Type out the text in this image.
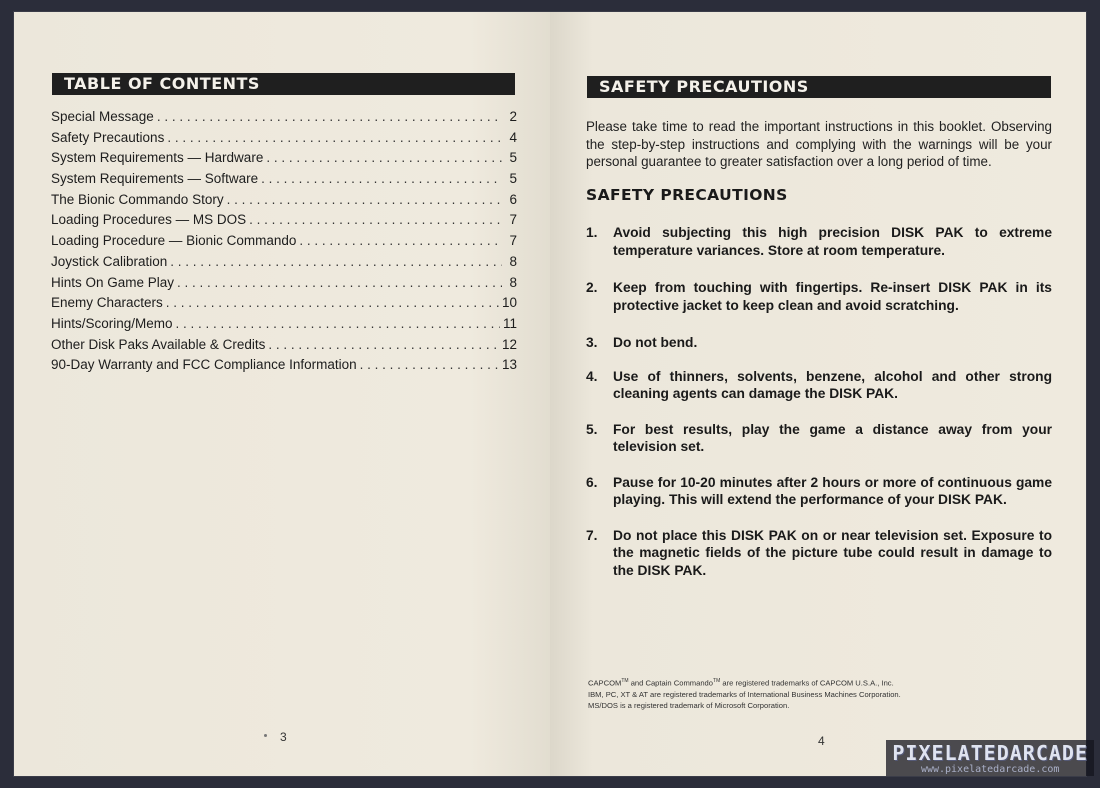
TABLE OF CONTENTS
Special Message . . .	2
Safety Precautions . . .	4
System Requirements — Hardware . . .	5
System Requirements — Software . . .	5
The Bionic Commando Story . . .	6
Loading Procedures — MS DOS . . .	7
Loading Procedure — Bionic Commando . . .	7
Joystick Calibration . . .	8
Hints On Game Play . . .	8
Enemy Characters . . .	10
Hints/Scoring/Memo . . .	11
Other Disk Paks Available & Credits . . .	12
90-Day Warranty and FCC Compliance Information . . .	13
3
SAFETY PRECAUTIONS

Please take time to read the important instructions in this booklet. Observing the step-by-step instructions and complying with the warnings will be your personal guarantee to greater satisfaction over a long period of time.

SAFETY PRECAUTIONS
1.	Avoid subjecting this high precision DISK PAK to extreme temperature variances. Store at room temperature.
2.	Keep from touching with fingertips. Re-insert DISK PAK in its protective jacket to keep clean and avoid scratching.
3.	Do not bend.
4.	Use of thinners, solvents, benzene, alcohol and other strong cleaning agents can damage the DISK PAK.
5.	For best results, play the game a distance away from your television set.
6.	Pause for 10-20 minutes after 2 hours or more of continuous game playing. This will extend the performance of your DISK PAK.
7.	Do not place this DISK PAK on or near television set. Exposure to the magnetic fields of the picture tube could result in damage to the DISK PAK.
CAPCOM™ and Captain Commando™ are registered trademarks of CAPCOM U.S.A., Inc.
IBM, PC, XT & AT are registered trademarks of International Business Machines Corporation.
MS/DOS is a registered trademark of Microsoft Corporation.
4	PIXELATEDARCADE
www.pixelatedarcade.com
